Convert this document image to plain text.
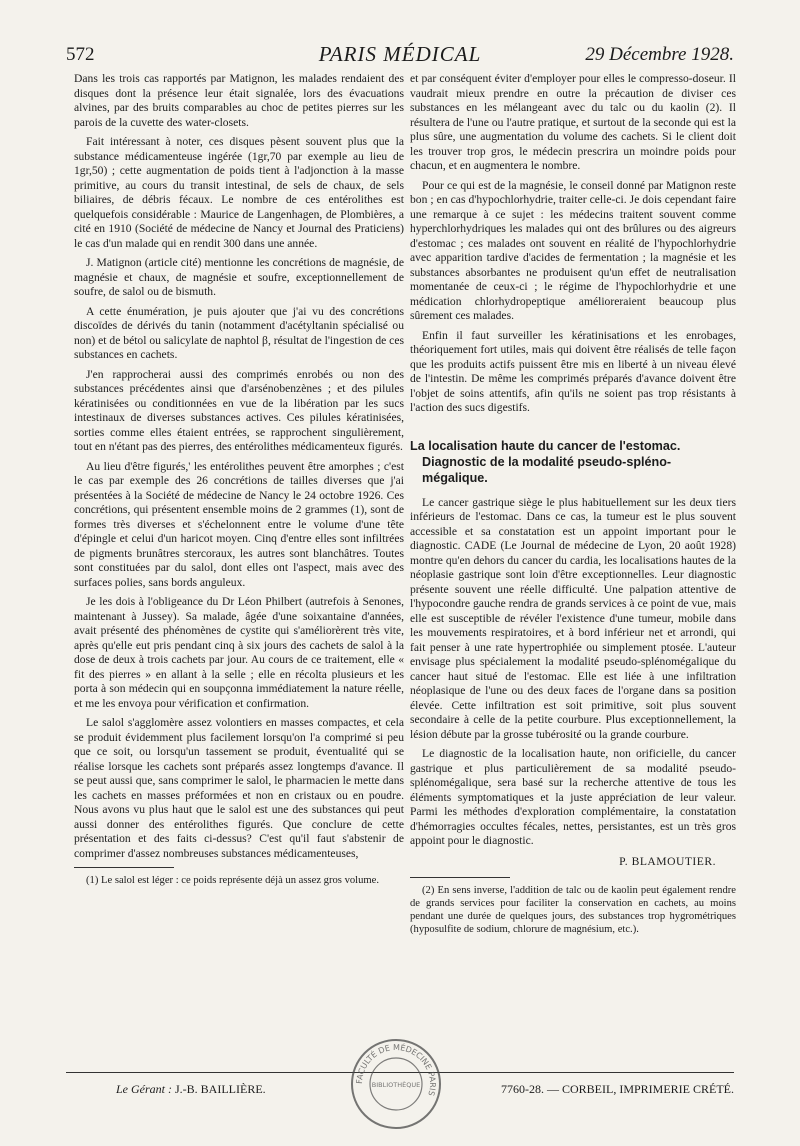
572	PARIS MÉDICAL	29 Décembre 1928.

Dans les trois cas rapportés par Matignon, les malades rendaient des disques dont la présence leur était signalée, lors des évacuations alvines, par des bruits comparables au choc de petites pierres sur les parois de la cuvette des water-closets.

Fait intéressant à noter, ces disques pèsent souvent plus que la substance médicamenteuse ingérée (1gr,70 par exemple au lieu de 1gr,50) ; cette augmentation de poids tient à l'adjonction à la masse primitive, au cours du transit intestinal, de sels de chaux, de sels biliaires, de débris fécaux. Le nombre de ces entérolithes est quelquefois considérable : Maurice de Langenhagen, de Plombières, a cité en 1910 (Société de médecine de Nancy et Journal des Praticiens) le cas d'un malade qui en rendit 300 dans une année.

J. Matignon (article cité) mentionne les concrétions de magnésie, de magnésie et chaux, de magnésie et soufre, exceptionnellement de soufre, de salol ou de bismuth.

A cette énumération, je puis ajouter que j'ai vu des concrétions discoïdes de dérivés du tanin (notamment d'acétyltanin spécialisé ou non) et de bétol ou salicylate de naphtol β, résultat de l'ingestion de ces substances en cachets.

J'en rapprocherai aussi des comprimés enrobés ou non des substances précédentes ainsi que d'arsénobenzènes ; et des pilules kératinisées ou conditionnées en vue de la libération par les sucs intestinaux de diverses substances actives. Ces pilules kératinisées, sorties comme elles étaient entrées, se rapprochent singulièrement, tout en n'étant pas des pierres, des entérolithes médicamenteux figurés.

Au lieu d'être figurés,' les entérolithes peuvent être amorphes ; c'est le cas par exemple des 26 concrétions de tailles diverses que j'ai présentées à la Société de médecine de Nancy le 24 octobre 1926. Ces concrétions, qui présentent ensemble moins de 2 grammes (1), sont de formes très diverses et s'échelonnent entre le volume d'une tête d'épingle et celui d'un haricot moyen. Cinq d'entre elles sont infiltrées de pigments brunâtres stercoraux, les autres sont blanchâtres. Toutes sont constituées par du salol, dont elles ont l'aspect, mais avec des surfaces polies, sans bords anguleux.

Je les dois à l'obligeance du Dr Léon Philbert (autrefois à Senones, maintenant à Jussey). Sa malade, âgée d'une soixantaine d'années, avait présenté des phénomènes de cystite qui s'améliorèrent très vite, après qu'elle eut pris pendant cinq à six jours des cachets de salol à la dose de deux à trois cachets par jour. Au cours de ce traitement, elle « fit des pierres » en allant à la selle ; elle en récolta plusieurs et les porta à son médecin qui en soupçonna immédiatement la nature réelle, et me les envoya pour vérification et confirmation.

Le salol s'agglomère assez volontiers en masses compactes, et cela se produit évidemment plus facilement lorsqu'on l'a comprimé si peu que ce soit, ou lorsqu'un tassement se produit, éventualité qui se réalise lorsque les cachets sont préparés assez longtemps d'avance. Il se peut aussi que, sans comprimer le salol, le pharmacien le mette dans les cachets en masses préformées et non en cristaux ou en poudre. Nous avons vu plus haut que le salol est une des substances qui peut aussi donner des entérolithes figurés. Que conclure de cette présentation et des faits ci-dessus? C'est qu'il faut s'abstenir de comprimer d'assez nombreuses substances médicamenteuses,

(1) Le salol est léger : ce poids représente déjà un assez gros volume.

et par conséquent éviter d'employer pour elles le compresso-doseur. Il vaudrait mieux prendre en outre la précaution de diviser ces substances en les mélangeant avec du talc ou du kaolin (2). Il résultera de l'une ou l'autre pratique, et surtout de la seconde qui est la plus sûre, une augmentation du volume des cachets. Si le client doit les trouver trop gros, le médecin prescrira un moindre poids pour chacun, et en augmentera le nombre.

Pour ce qui est de la magnésie, le conseil donné par Matignon reste bon ; en cas d'hypochlorhydrie, traiter celle-ci. Je dois cependant faire une remarque à ce sujet : les médecins traitent souvent comme hyperchlorhydriques les malades qui ont des brûlures ou des aigreurs d'estomac ; ces malades ont souvent en réalité de l'hypochlorhydrie avec apparition tardive d'acides de fermentation ; la magnésie et les substances absorbantes ne produisent qu'un effet de neutralisation momentanée de ceux-ci ; le régime de l'hypochlorhydrie et une médication chlorhydropeptique amélioreraient beaucoup plus sûrement ces malades.

Enfin il faut surveiller les kératinisations et les enrobages, théoriquement fort utiles, mais qui doivent être réalisés de telle façon que les produits actifs puissent être mis en liberté à un niveau élevé de l'intestin. De même les comprimés préparés d'avance doivent être l'objet de soins attentifs, afin qu'ils ne soient pas trop résistants à l'action des sucs digestifs.

La localisation haute du cancer de l'estomac.
Diagnostic de la modalité pseudo-spléno-mégalique.

Le cancer gastrique siège le plus habituellement sur les deux tiers inférieurs de l'estomac. Dans ce cas, la tumeur est le plus souvent accessible et sa constatation est un appoint important pour le diagnostic. CADE (Le Journal de médecine de Lyon, 20 août 1928) montre qu'en dehors du cancer du cardia, les localisations hautes de la néoplasie gastrique sont loin d'être exceptionnelles. Leur diagnostic présente souvent une réelle difficulté. Une palpation attentive de l'hypocondre gauche rendra de grands services à ce point de vue, mais elle est susceptible de révéler l'existence d'une tumeur, mobile dans les mouvements respiratoires, et à bord inférieur net et arrondi, qui fait penser à une rate hypertrophiée ou simplement ptosée. L'auteur envisage plus spécialement la modalité pseudo-splénomégalique du cancer haut situé de l'estomac. Elle est liée à une infiltration néoplasique de l'une ou des deux faces de l'organe dans sa position élevée. Cette infiltration est soit primitive, soit plus souvent secondaire à celle de la petite courbure. Plus exceptionnellement, la lésion débute par la grosse tubérosité ou la grande courbure.

Le diagnostic de la localisation haute, non orificielle, du cancer gastrique et plus particulièrement de sa modalité pseudo-splénomégalique, sera basé sur la recherche attentive de tous les éléments symptomatiques et la juste appréciation de leur valeur. Parmi les méthodes d'exploration complémentaire, la constatation d'hémorragies occultes fécales, nettes, persistantes, est un très gros appoint pour le diagnostic.

P. BLAMOUTIER.

(2) En sens inverse, l'addition de talc ou de kaolin peut également rendre de grands services pour faciliter la conservation en cachets, au moins pendant une durée de quelques jours, des substances trop hygrométriques (hyposulfite de sodium, chlorure de magnésium, etc.).

Le Gérant : J.-B. BAILLIÈRE.	7760-28. — CORBEIL, IMPRIMERIE CRÉTÉ.
FACULTÉ DE MÉDECINE PARIS
BIBLIOTHÈQUE
